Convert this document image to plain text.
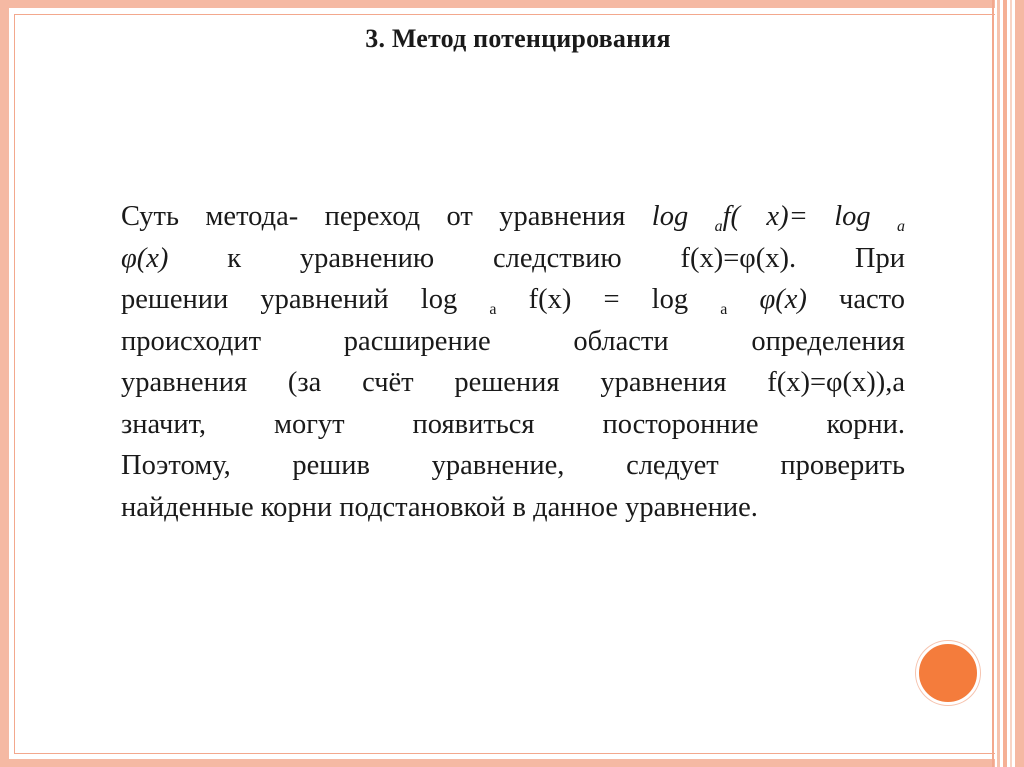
3. Метод потенцирования
Суть метода- переход от уравнения log $_a$f( x)= log $_a$
φ(x) к уравнению следствию f(x)=φ(x). При
решении уравнений log $_a$ f(x) = log $_a$ φ(x) часто
происходит расширение области определения
уравнения (за счёт решения уравнения f(x)=φ(x)),а
значит, могут появиться посторонние корни.
Поэтому, решив уравнение, следует проверить
найденные корни подстановкой в данное уравнение.
